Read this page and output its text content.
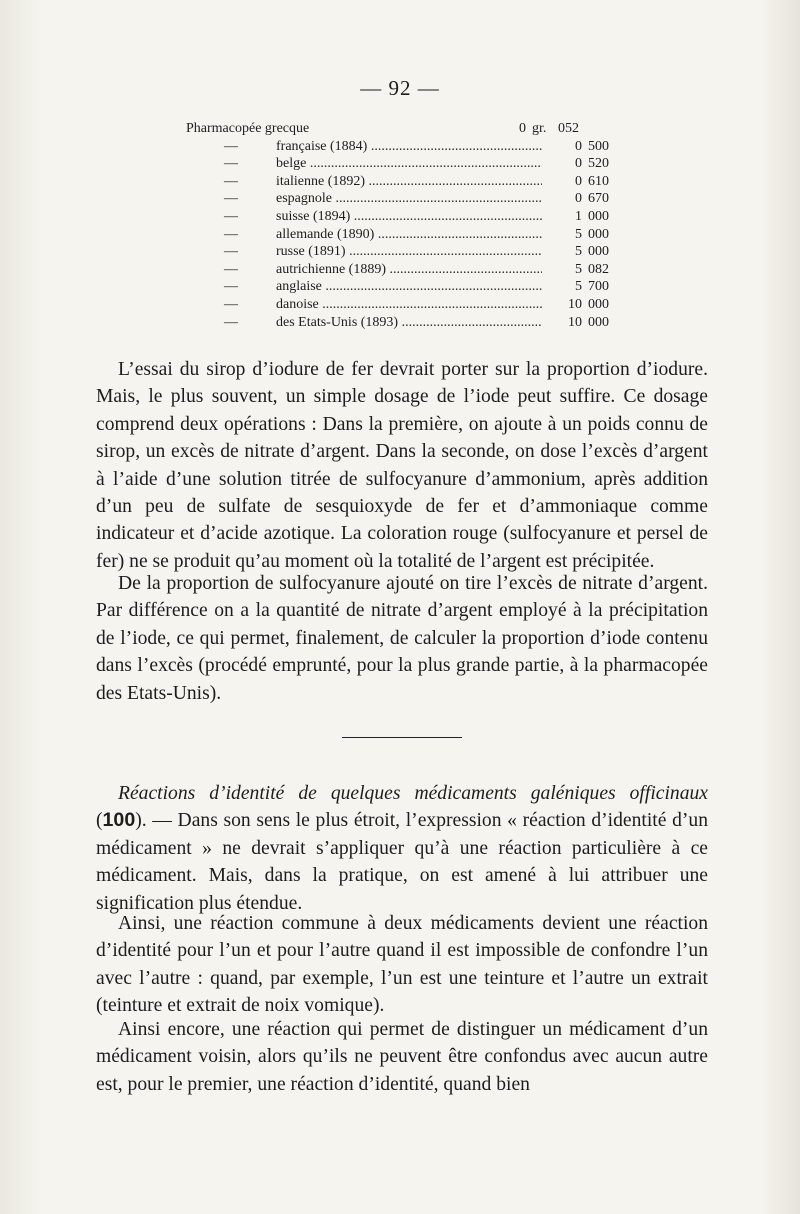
— 92 —
Pharmacopée grecque	0 gr. 052
—	française (1884) .....	0 500
—	belge .....	0 520
—	italienne (1892) .....	0 610
—	espagnole .....	0 670
—	suisse (1894) .....	1 000
—	allemande (1890) .....	5 000
—	russe (1891) .....	5 000
—	autrichienne (1889) .....	5 082
—	anglaise .....	5 700
—	danoise .....	10 000
—	des Etats-Unis (1893) .....	10 000

L’essai du sirop d’iodure de fer devrait porter sur la proportion d’iodure. Mais, le plus souvent, un simple dosage de l’iode peut suffire. Ce dosage comprend deux opérations : Dans la première, on ajoute à un poids connu de sirop, un excès de nitrate d’argent. Dans la seconde, on dose l’excès d’argent à l’aide d’une solution titrée de sulfocyanure d’ammonium, après addition d’un peu de sulfate de sesquioxyde de fer et d’ammoniaque comme indicateur et d’acide azotique. La coloration rouge (sulfocyanure et persel de fer) ne se produit qu’au moment où la totalité de l’argent est précipitée.

De la proportion de sulfocyanure ajouté on tire l’excès de nitrate d’argent. Par différence on a la quantité de nitrate d’argent employé à la précipitation de l’iode, ce qui permet, finalement, de calculer la proportion d’iode contenu dans l’excès (procédé emprunté, pour la plus grande partie, à la pharmacopée des Etats-Unis).

Réactions d’identité de quelques médicaments galéniques officinaux (100). — Dans son sens le plus étroit, l’expression « réaction d’identité d’un médicament » ne devrait s’appliquer qu’à une réaction particulière à ce médicament. Mais, dans la pratique, on est amené à lui attribuer une signification plus étendue.

Ainsi, une réaction commune à deux médicaments devient une réaction d’identité pour l’un et pour l’autre quand il est impossible de confondre l’un avec l’autre : quand, par exemple, l’un est une teinture et l’autre un extrait (teinture et extrait de noix vomique).

Ainsi encore, une réaction qui permet de distinguer un médicament d’un médicament voisin, alors qu’ils ne peuvent être confondus avec aucun autre est, pour le premier, une réaction d’identité, quand bien
